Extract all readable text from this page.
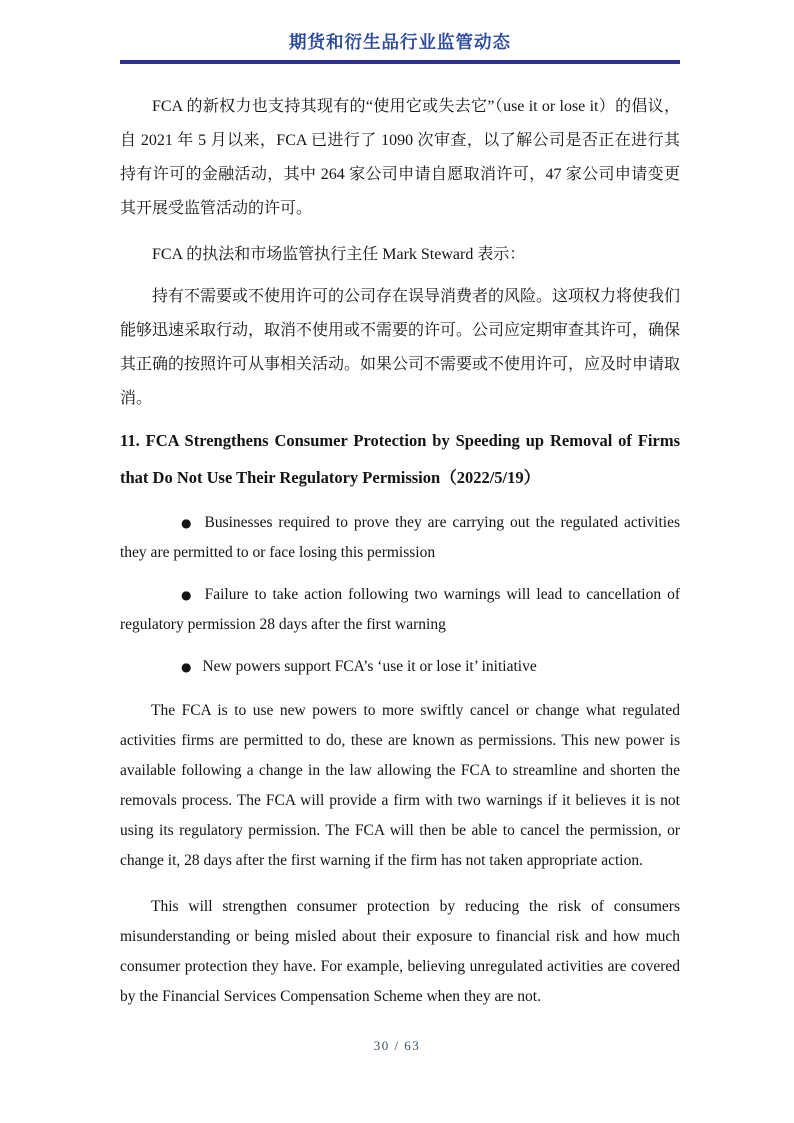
期货和衍生品行业监管动态

FCA 的新权力也支持其现有的“使用它或失去它”（use it or lose it）的倡议，自 2021 年 5 月以来，FCA 已进行了 1090 次审查，以了解公司是否正在进行其持有许可的金融活动，其中 264 家公司申请自愿取消许可，47 家公司申请变更其开展受监管活动的许可。

FCA 的执法和市场监管执行主任 Mark Steward 表示：

持有不需要或不使用许可的公司存在误导消费者的风险。这项权力将使我们能够迅速采取行动，取消不使用或不需要的许可。公司应定期审查其许可，确保其正确的按照许可从事相关活动。如果公司不需要或不使用许可，应及时申请取消。

11. FCA Strengthens Consumer Protection by Speeding up Removal of Firms that Do Not Use Their Regulatory Permission（2022/5/19）

● Businesses required to prove they are carrying out the regulated activities they are permitted to or face losing this permission

● Failure to take action following two warnings will lead to cancellation of regulatory permission 28 days after the first warning

● New powers support FCA’s ‘use it or lose it’ initiative

The FCA is to use new powers to more swiftly cancel or change what regulated activities firms are permitted to do, these are known as permissions. This new power is available following a change in the law allowing the FCA to streamline and shorten the removals process. The FCA will provide a firm with two warnings if it believes it is not using its regulatory permission. The FCA will then be able to cancel the permission, or change it, 28 days after the first warning if the firm has not taken appropriate action.

This will strengthen consumer protection by reducing the risk of consumers misunderstanding or being misled about their exposure to financial risk and how much consumer protection they have. For example, believing unregulated activities are covered by the Financial Services Compensation Scheme when they are not.

30 / 63
